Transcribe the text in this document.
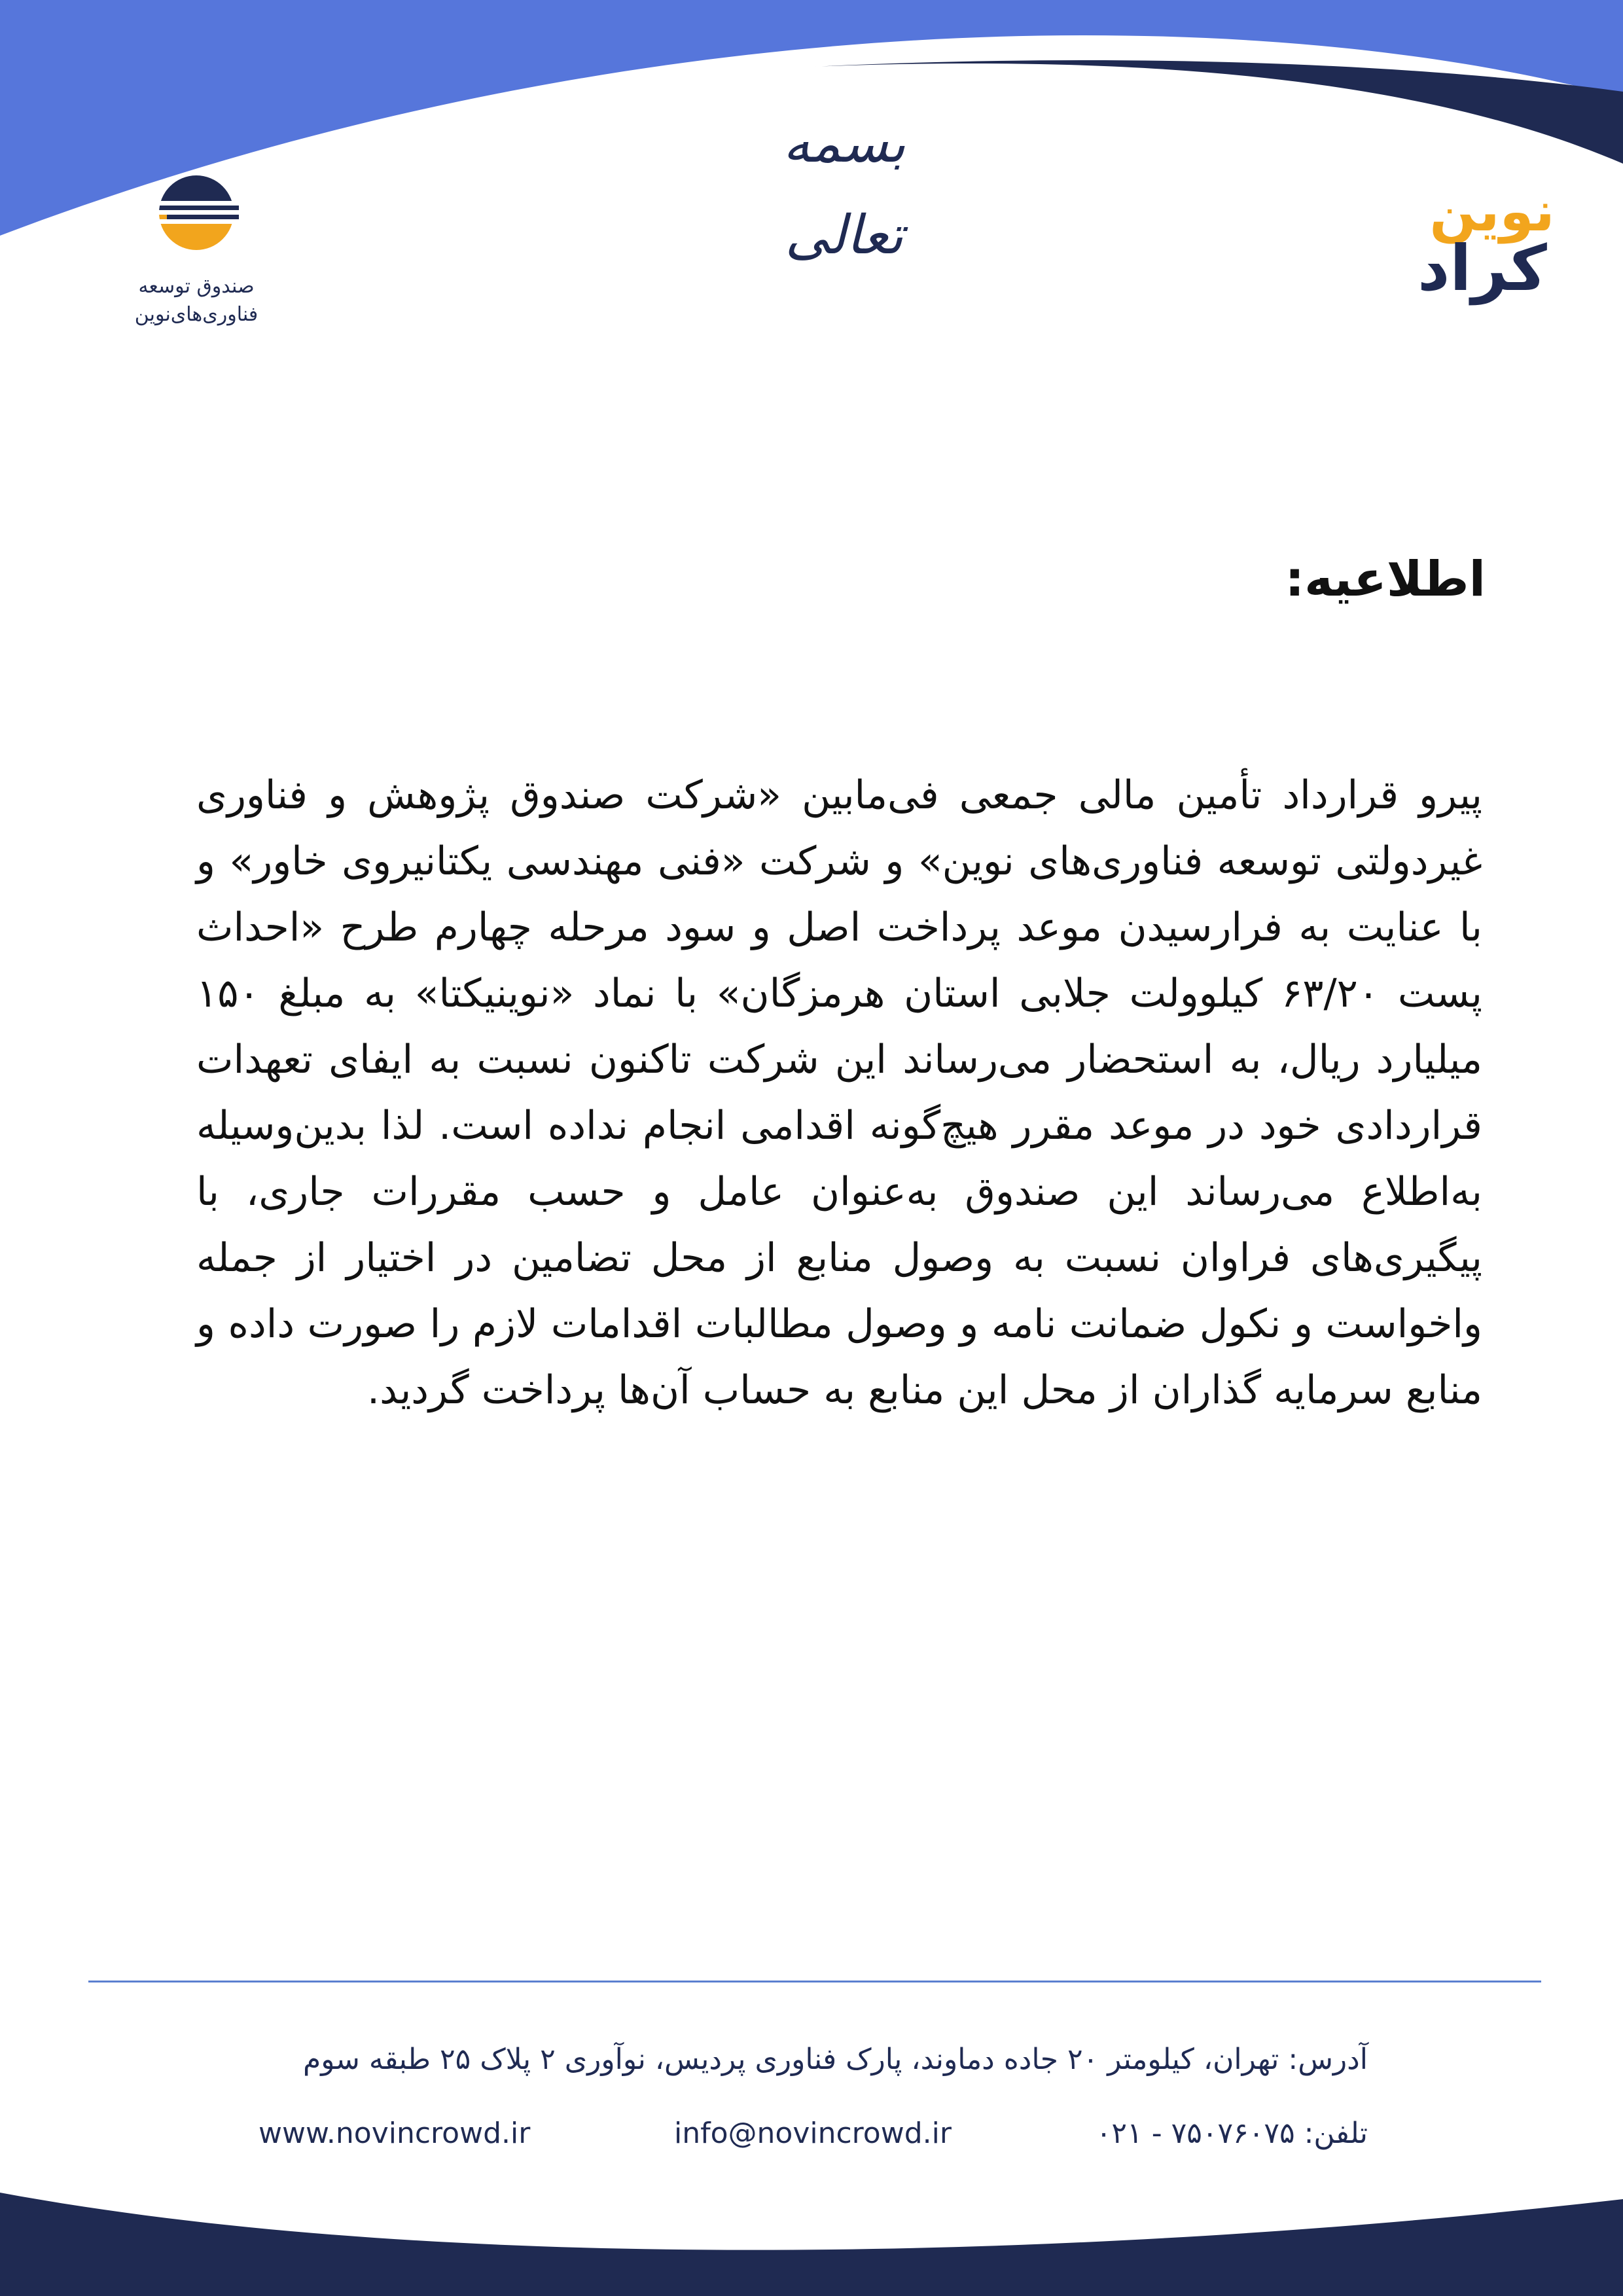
بسمه تعالی
صندوق توسعه
فناوری‌های‌نوین
نوین
کراد
اطلاعیه:

پیرو قرارداد تأمین مالی جمعی فی‌مابین «شرکت صندوق پژوهش و فناوری غیردولتی توسعه فناوری‌های نوین» و شرکت «فنی مهندسی یکتانیروی خاور» و با عنایت به فرارسیدن موعد پرداخت اصل و سود مرحله چهارم طرح «احداث پست ۶۳/۲۰ کیلوولت جلابی استان هرمزگان» با نماد «نوینیکتا» به مبلغ ۱۵۰ میلیارد ریال، به استحضار می‌رساند این شرکت تاکنون نسبت به ایفای تعهدات قراردادی خود در موعد مقرر هیچ‌گونه اقدامی انجام نداده است. لذا بدین‌وسیله به‌اطلاع می‌رساند این صندوق به‌عنوان عامل و حسب مقررات جاری، با پیگیری‌های فراوان نسبت به وصول منابع از محل تضامین در اختیار از جمله واخواست و نکول ضمانت نامه و وصول مطالبات اقدامات لازم را صورت داده و منابع سرمایه گذاران از محل این منابع به حساب آن‌ها پرداخت گردید.

آدرس: تهران، کیلومتر ۲۰ جاده دماوند، پارک فناوری پردیس، نوآوری ۲ پلاک ۲۵ طبقه سوم
تلفن: ۷۵۰۷۶۰۷۵ - ۰۲۱
info@novincrowd.ir
www.novincrowd.ir
